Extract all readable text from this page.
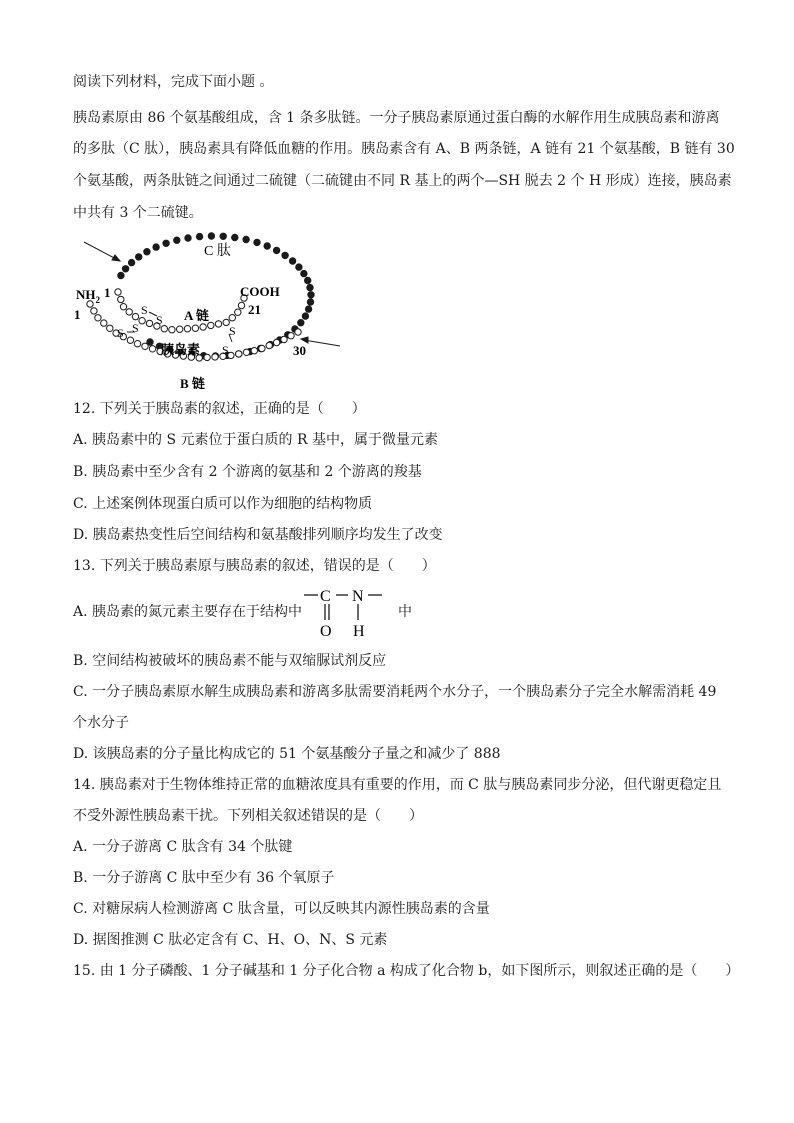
阅读下列材料，完成下面小题 。
胰岛素原由 86 个氨基酸组成，含 1 条多肽链。一分子胰岛素原通过蛋白酶的水解作用生成胰岛素和游离
的多肽（C 肽），胰岛素具有降低血糖的作用。胰岛素含有 A、B 两条链，A 链有 21 个氨基酸，B 链有 30
个氨基酸，两条肽链之间通过二硫键（二硫键由不同 R 基上的两个—SH 脱去 2 个 H 形成）连接，胰岛素
中共有 3 个二硫键。
C 肽
$NH_2$ 1
1
COOH
21
30
A 链
胰岛素
B 链
S
S
S S	S
S
12. 下列关于胰岛素的叙述，正确的是（　　）
A. 胰岛素中的 S 元素位于蛋白质的 R 基中，属于微量元素
B. 胰岛素中至少含有 2 个游离的氨基和 2 个游离的羧基
C. 上述案例体现蛋白质可以作为细胞的结构物质
D. 胰岛素热变性后空间结构和氨基酸排列顺序均发生了改变
13. 下列关于胰岛素原与胰岛素的叙述，错误的是（　　）
A. 胰岛素的氮元素主要存在于结构中
C N
O H
中
B. 空间结构被破坏的胰岛素不能与双缩脲试剂反应
C. 一分子胰岛素原水解生成胰岛素和游离多肽需要消耗两个水分子，一个胰岛素分子完全水解需消耗 49
个水分子
D. 该胰岛素的分子量比构成它的 51 个氨基酸分子量之和减少了 888
14. 胰岛素对于生物体维持正常的血糖浓度具有重要的作用，而 C 肽与胰岛素同步分泌，但代谢更稳定且
不受外源性胰岛素干扰。下列相关叙述错误的是（　　）
A. 一分子游离 C 肽含有 34 个肽键
B. 一分子游离 C 肽中至少有 36 个氧原子
C. 对糖尿病人检测游离 C 肽含量，可以反映其内源性胰岛素的含量
D. 据图推测 C 肽必定含有 C、H、O、N、S 元素
15. 由 1 分子磷酸、1 分子碱基和 1 分子化合物 a 构成了化合物 b，如下图所示，则叙述正确的是（　　）
